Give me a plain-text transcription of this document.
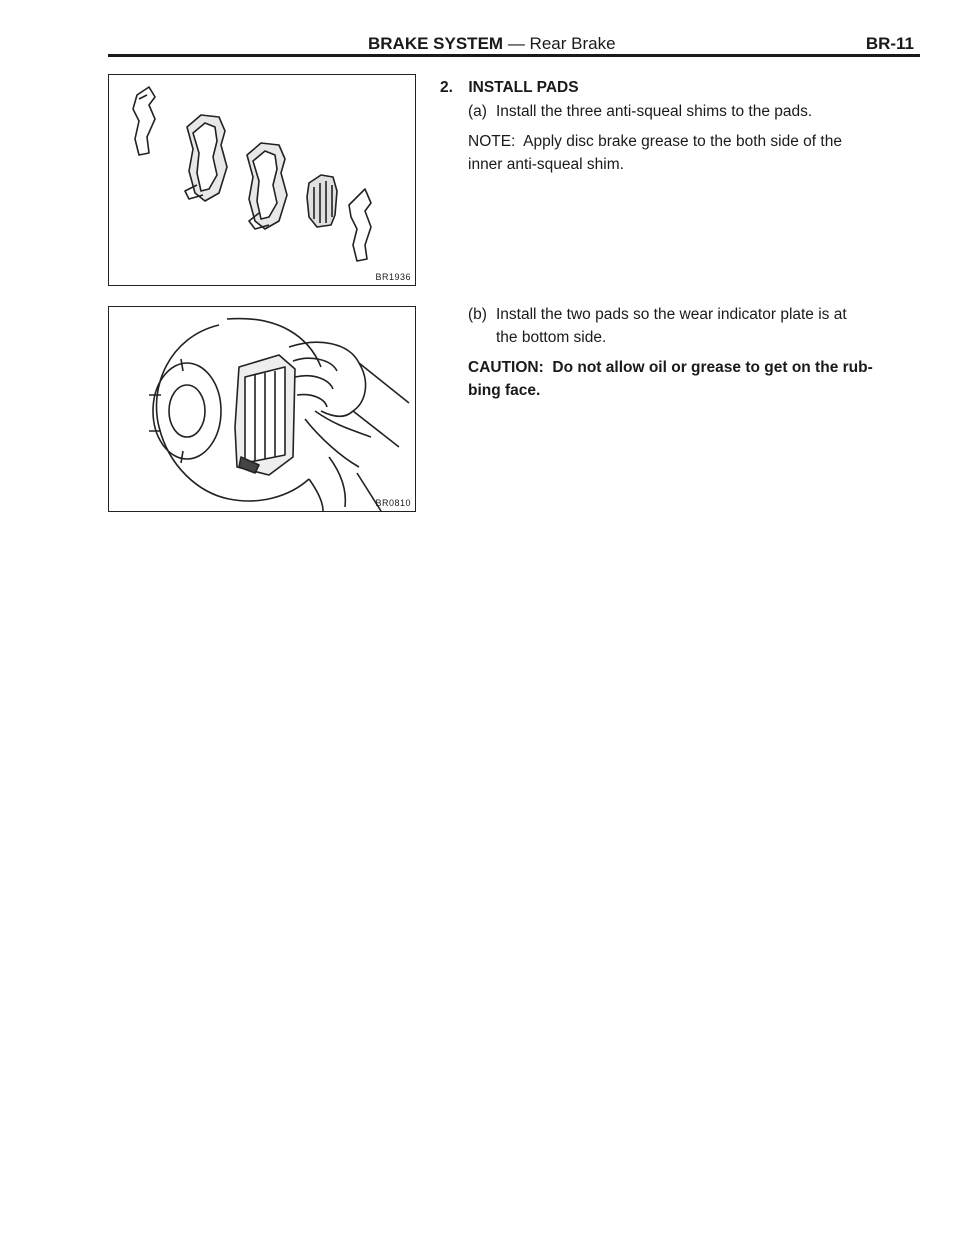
BRAKE SYSTEM — Rear Brake	BR-11
BR1936
BR0810
2. INSTALL PADS
(a) Install the three anti-squeal shims to the pads.
NOTE: Apply disc brake grease to the both side of the
inner anti-squeal shim.
(b) Install the two pads so the wear indicator plate is at
the bottom side.
CAUTION: Do not allow oil or grease to get on the rub-
bing face.
